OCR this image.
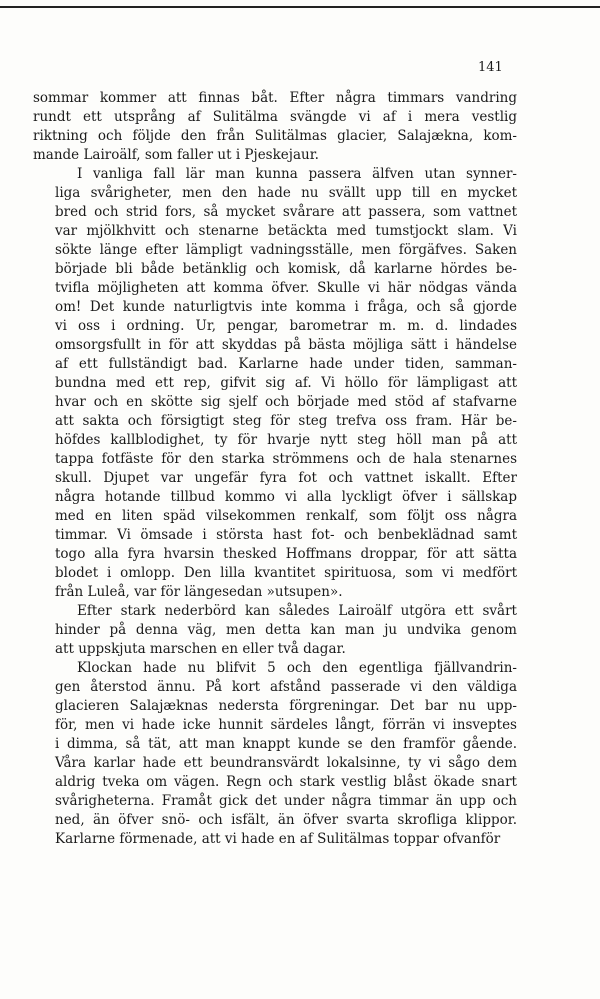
141
sommar kommer att finnas båt. Efter några timmars vandring
rundt ett utsprång af Sulitälma svängde vi af i mera vestlig
riktning och följde den från Sulitälmas glacier, Salajækna, kom-
mande Lairoälf, som faller ut i Pjeskejaur.
I vanliga fall lär man kunna passera älfven utan synner-
liga svårigheter, men den hade nu svällt upp till en mycket
bred och strid fors, så mycket svårare att passera, som vattnet
var mjölkhvitt och stenarne betäckta med tumstjockt slam. Vi
sökte länge efter lämpligt vadningsställe, men förgäfves. Saken
började bli både betänklig och komisk, då karlarne hördes be-
tvifla möjligheten att komma öfver. Skulle vi här nödgas vända
om! Det kunde naturligtvis inte komma i fråga, och så gjorde
vi oss i ordning. Ur, pengar, barometrar m. m. d. lindades
omsorgsfullt in för att skyddas på bästa möjliga sätt i händelse
af ett fullständigt bad. Karlarne hade under tiden, samman-
bundna med ett rep, gifvit sig af. Vi höllo för lämpligast att
hvar och en skötte sig sjelf och började med stöd af stafvarne
att sakta och försigtigt steg för steg trefva oss fram. Här be-
höfdes kallblodighet, ty för hvarje nytt steg höll man på att
tappa fotfäste för den starka strömmens och de hala stenarnes
skull. Djupet var ungefär fyra fot och vattnet iskallt. Efter
några hotande tillbud kommo vi alla lyckligt öfver i sällskap
med en liten späd vilsekommen renkalf, som följt oss några
timmar. Vi ömsade i största hast fot- och benbeklädnad samt
togo alla fyra hvarsin thesked Hoffmans droppar, för att sätta
blodet i omlopp. Den lilla kvantitet spirituosa, som vi medfört
från Luleå, var för längesedan »utsupen».
Efter stark nederbörd kan således Lairoälf utgöra ett svårt
hinder på denna väg, men detta kan man ju undvika genom
att uppskjuta marschen en eller två dagar.
Klockan hade nu blifvit 5 och den egentliga fjällvandrin-
gen återstod ännu. På kort afstånd passerade vi den väldiga
glacieren Salajæknas nedersta förgreningar. Det bar nu upp-
för, men vi hade icke hunnit särdeles långt, förrän vi insveptes
i dimma, så tät, att man knappt kunde se den framför gående.
Våra karlar hade ett beundransvärdt lokalsinne, ty vi sågo dem
aldrig tveka om vägen. Regn och stark vestlig blåst ökade snart
svårigheterna. Framåt gick det under några timmar än upp och
ned, än öfver snö- och isfält, än öfver svarta skrofliga klippor.
Karlarne förmenade, att vi hade en af Sulitälmas toppar ofvanför
